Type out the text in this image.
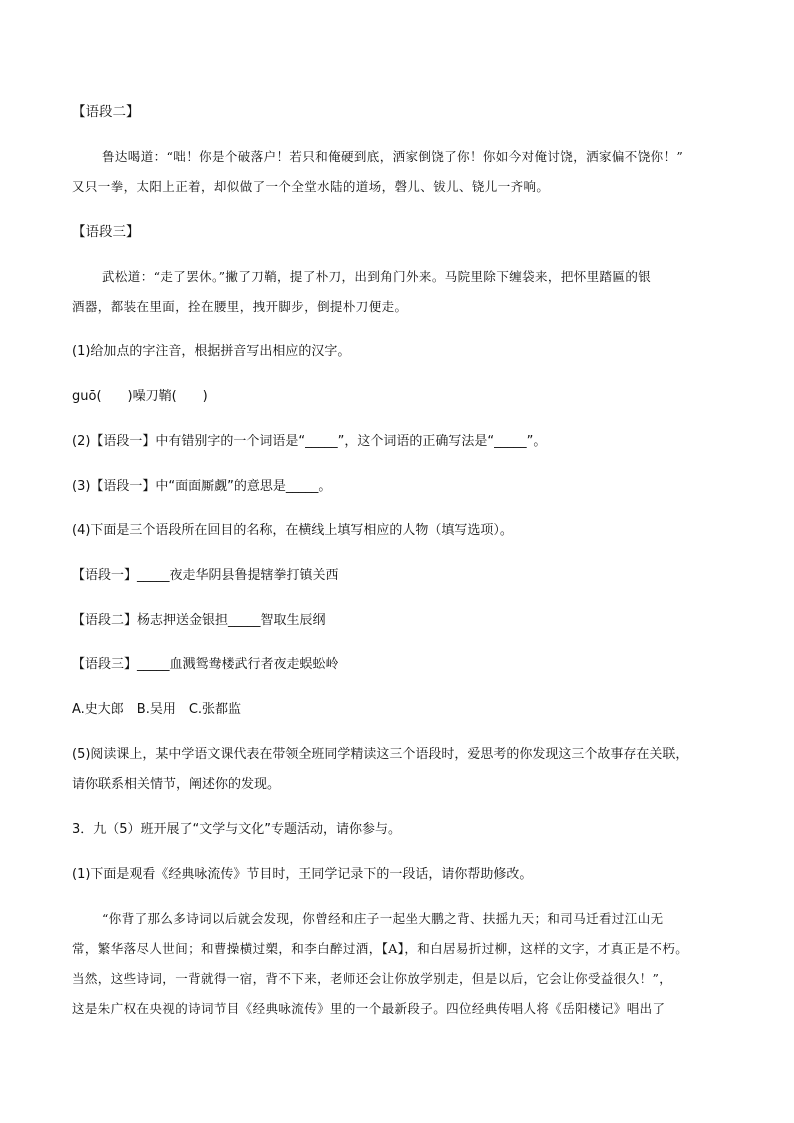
【语段二】
鲁达喝道：“咄！你是个破落户！若只和俺硬到底，洒家倒饶了你！你如今对俺讨饶，洒家偏不饶你！”
又只一拳，太阳上正着，却似做了一个全堂水陆的道场，磬儿、钹儿、铙儿一齐响。
【语段三】
武松道：“走了罢休。”撇了刀鞘，提了朴刀，出到角门外来。马院里除下缠袋来，把怀里踏匾的银
酒器，都装在里面，拴在腰里，拽开脚步，倒提朴刀便走。
(1)给加点的字注音，根据拼音写出相应的汉字。
guō(　　)噪刀鞘(　　)
(2)【语段一】中有错别字的一个词语是“_____”，这个词语的正确写法是“_____”。
(3)【语段一】中“面面厮觑”的意思是_____。
(4)下面是三个语段所在回目的名称，在横线上填写相应的人物（填写选项）。
【语段一】_____夜走华阴县鲁提辖拳打镇关西
【语段二】杨志押送金银担_____智取生辰纲
【语段三】_____血溅鸳鸯楼武行者夜走蜈蚣岭
A.史大郎　B.吴用　C.张都监
(5)阅读课上，某中学语文课代表在带领全班同学精读这三个语段时，爱思考的你发现这三个故事存在关联，
请你联系相关情节，阐述你的发现。
3．九（5）班开展了“文学与文化”专题活动，请你参与。
(1)下面是观看《经典咏流传》节目时，王同学记录下的一段话，请你帮助修改。
“你背了那么多诗词以后就会发现，你曾经和庄子一起坐大鹏之背、扶摇九天；和司马迁看过江山无
常，繁华落尽人世间；和曹操横过槊，和李白醉过酒，【A】，和白居易折过柳，这样的文字，才真正是不朽。
当然，这些诗词，一背就得一宿，背不下来，老师还会让你放学别走，但是以后，它会让你受益很久！”，
这是朱广权在央视的诗词节目《经典咏流传》里的一个最新段子。四位经典传唱人将《岳阳楼记》唱出了
